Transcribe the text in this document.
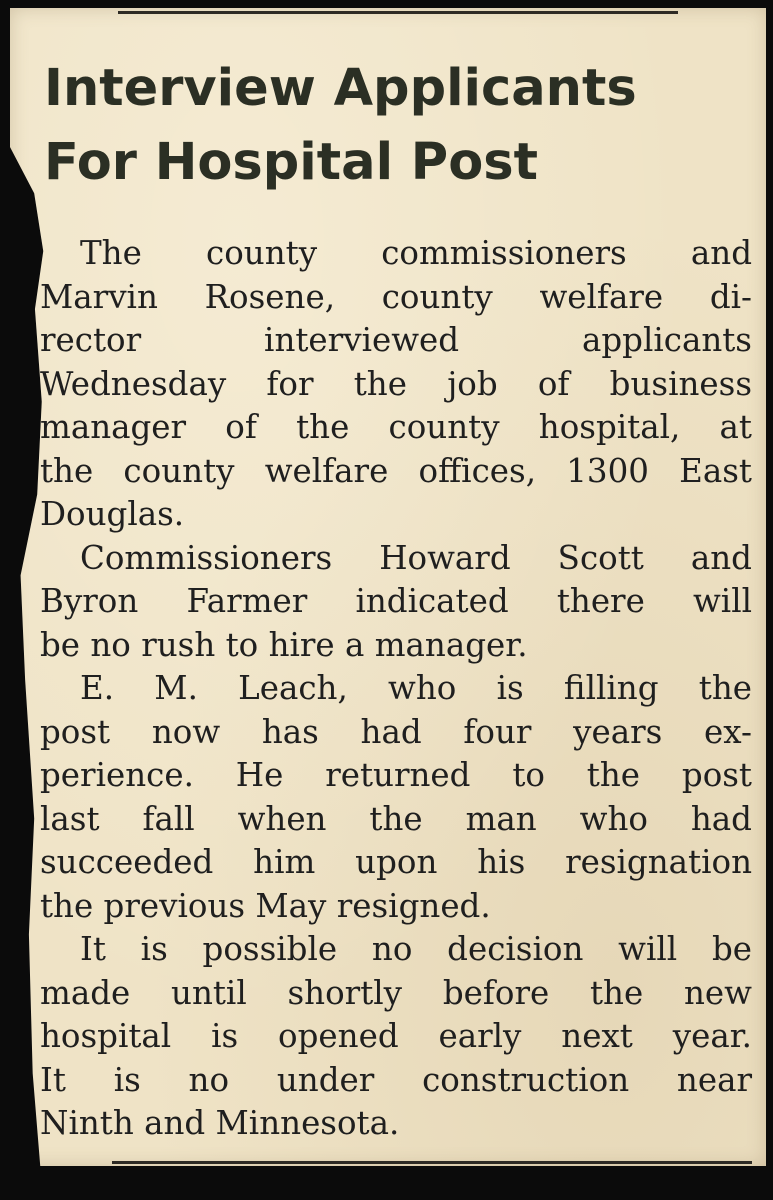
Interview Applicants
For Hospital Post
The county commissioners and
Marvin Rosene, county welfare di-
rector interviewed applicants
Wednesday for the job of business
manager of the county hospital, at
the county welfare offices, 1300 East
Douglas.
Commissioners Howard Scott and
Byron Farmer indicated there will
be no rush to hire a manager.
E. M. Leach, who is filling the
post now has had four years ex-
perience. He returned to the post
last fall when the man who had
succeeded him upon his resignation
the previous May resigned.
It is possible no decision will be
made until shortly before the new
hospital is opened early next year.
It is no under construction near
Ninth and Minnesota.
